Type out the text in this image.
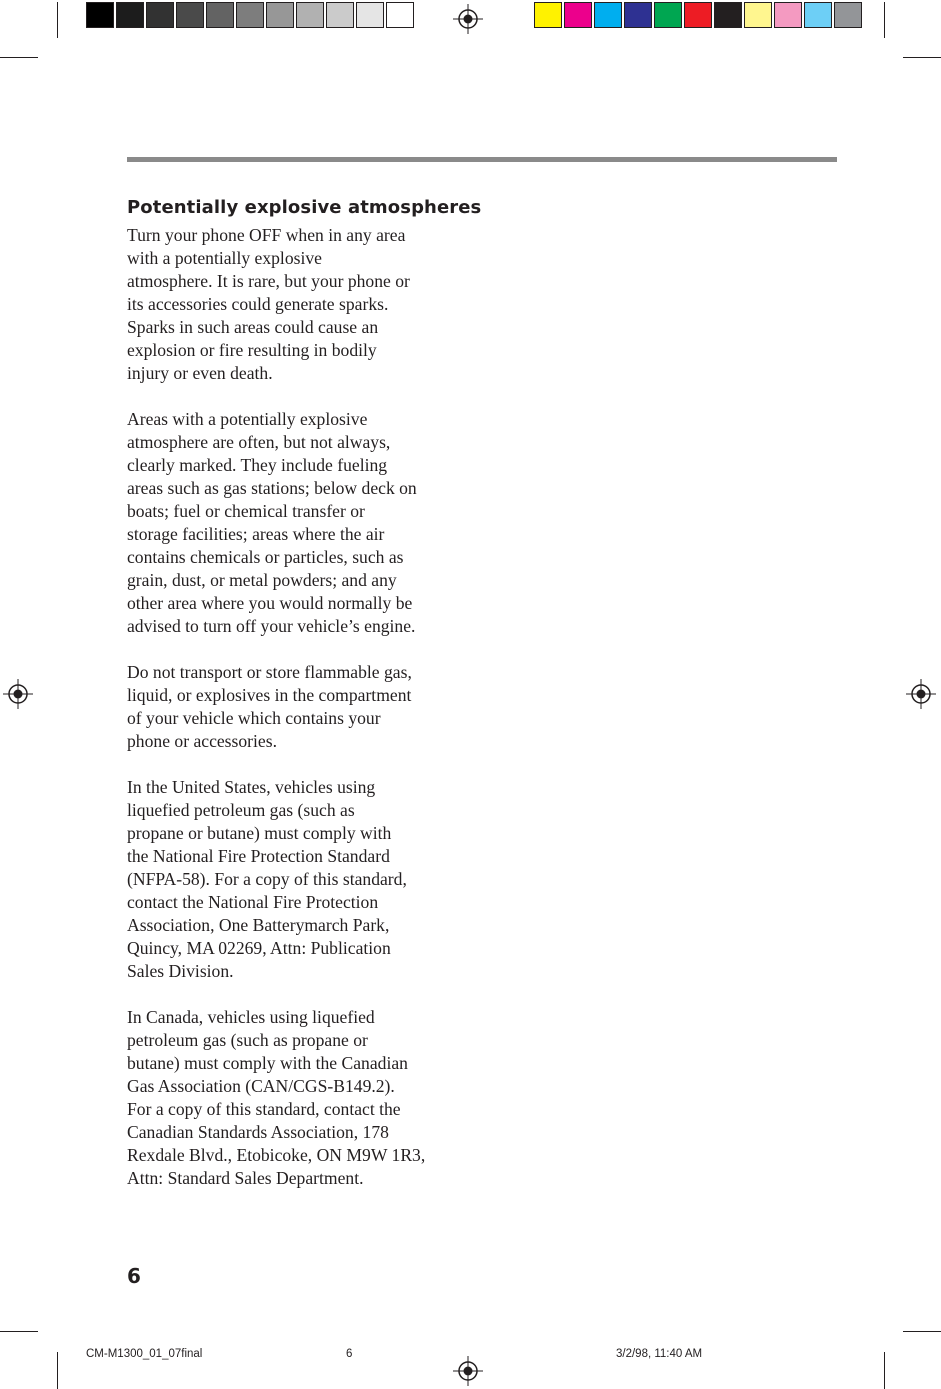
Potentially explosive atmospheres

Turn your phone OFF when in any area
with a potentially explosive
atmosphere. It is rare, but your phone or
its accessories could generate sparks.
Sparks in such areas could cause an
explosion or fire resulting in bodily
injury or even death.

Areas with a potentially explosive
atmosphere are often, but not always,
clearly marked. They include fueling
areas such as gas stations; below deck on
boats; fuel or chemical transfer or
storage facilities; areas where the air
contains chemicals or particles, such as
grain, dust, or metal powders; and any
other area where you would normally be
advised to turn off your vehicle’s engine.

Do not transport or store flammable gas,
liquid, or explosives in the compartment
of your vehicle which contains your
phone or accessories.

In the United States, vehicles using
liquefied petroleum gas (such as
propane or butane) must comply with
the National Fire Protection Standard
(NFPA-58). For a copy of this standard,
contact the National Fire Protection
Association, One Batterymarch Park,
Quincy, MA 02269, Attn: Publication
Sales Division.

In Canada, vehicles using liquefied
petroleum gas (such as propane or
butane) must comply with the Canadian
Gas Association (CAN/CGS-B149.2).
For a copy of this standard, contact the
Canadian Standards Association, 178
Rexdale Blvd., Etobicoke, ON M9W 1R3,
Attn: Standard Sales Department.

6
CM-M1300_01_07final	6	3/2/98, 11:40 AM
